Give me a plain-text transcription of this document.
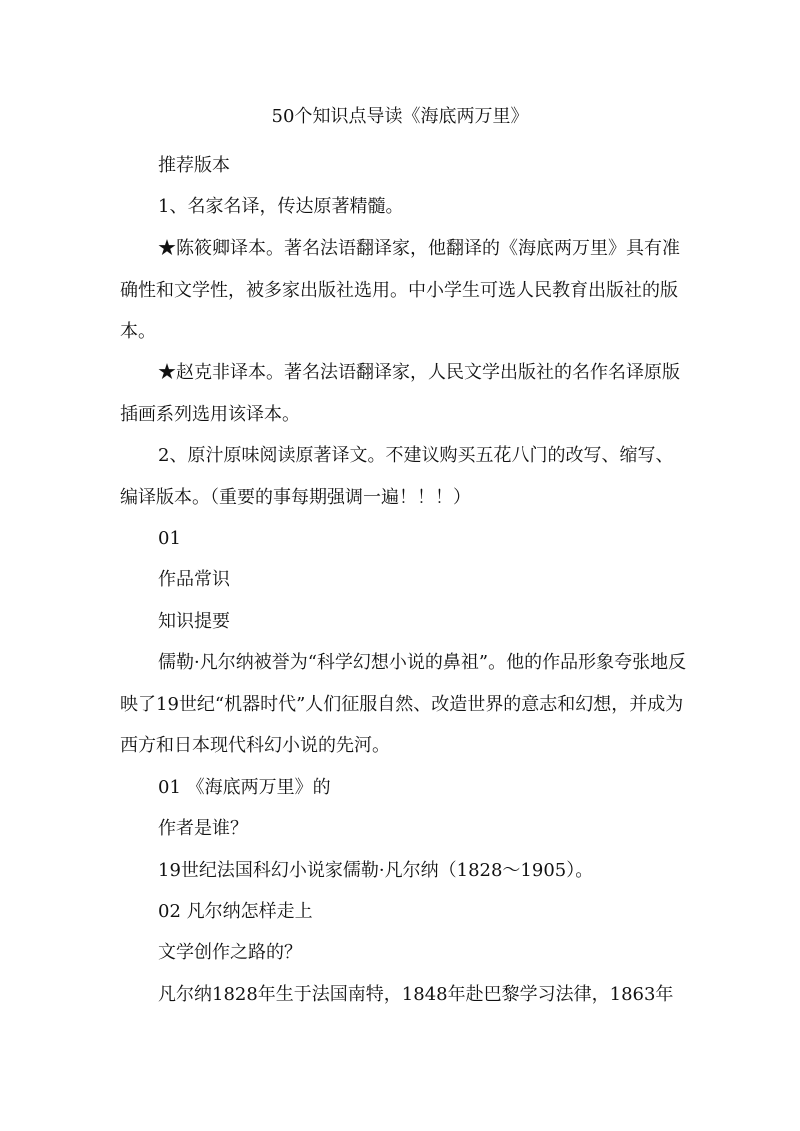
50个知识点导读《海底两万里》

推荐版本

1、名家名译，传达原著精髓。

★陈筱卿译本。著名法语翻译家，他翻译的《海底两万里》具有准确性和文学性，被多家出版社选用。中小学生可选人民教育出版社的版本。

★赵克非译本。著名法语翻译家，人民文学出版社的名作名译原版插画系列选用该译本。

2、原汁原味阅读原著译文。不建议购买五花八门的改写、缩写、编译版本。（重要的事每期强调一遍！！！）

01

作品常识

知识提要

儒勒·凡尔纳被誉为“科学幻想小说的鼻祖”。他的作品形象夸张地反映了19世纪“机器时代”人们征服自然、改造世界的意志和幻想，并成为西方和日本现代科幻小说的先河。

01 《海底两万里》的

作者是谁？

19世纪法国科幻小说家儒勒·凡尔纳（1828～1905）。

02 凡尔纳怎样走上

文学创作之路的？

凡尔纳1828年生于法国南特，1848年赴巴黎学习法律，1863年
